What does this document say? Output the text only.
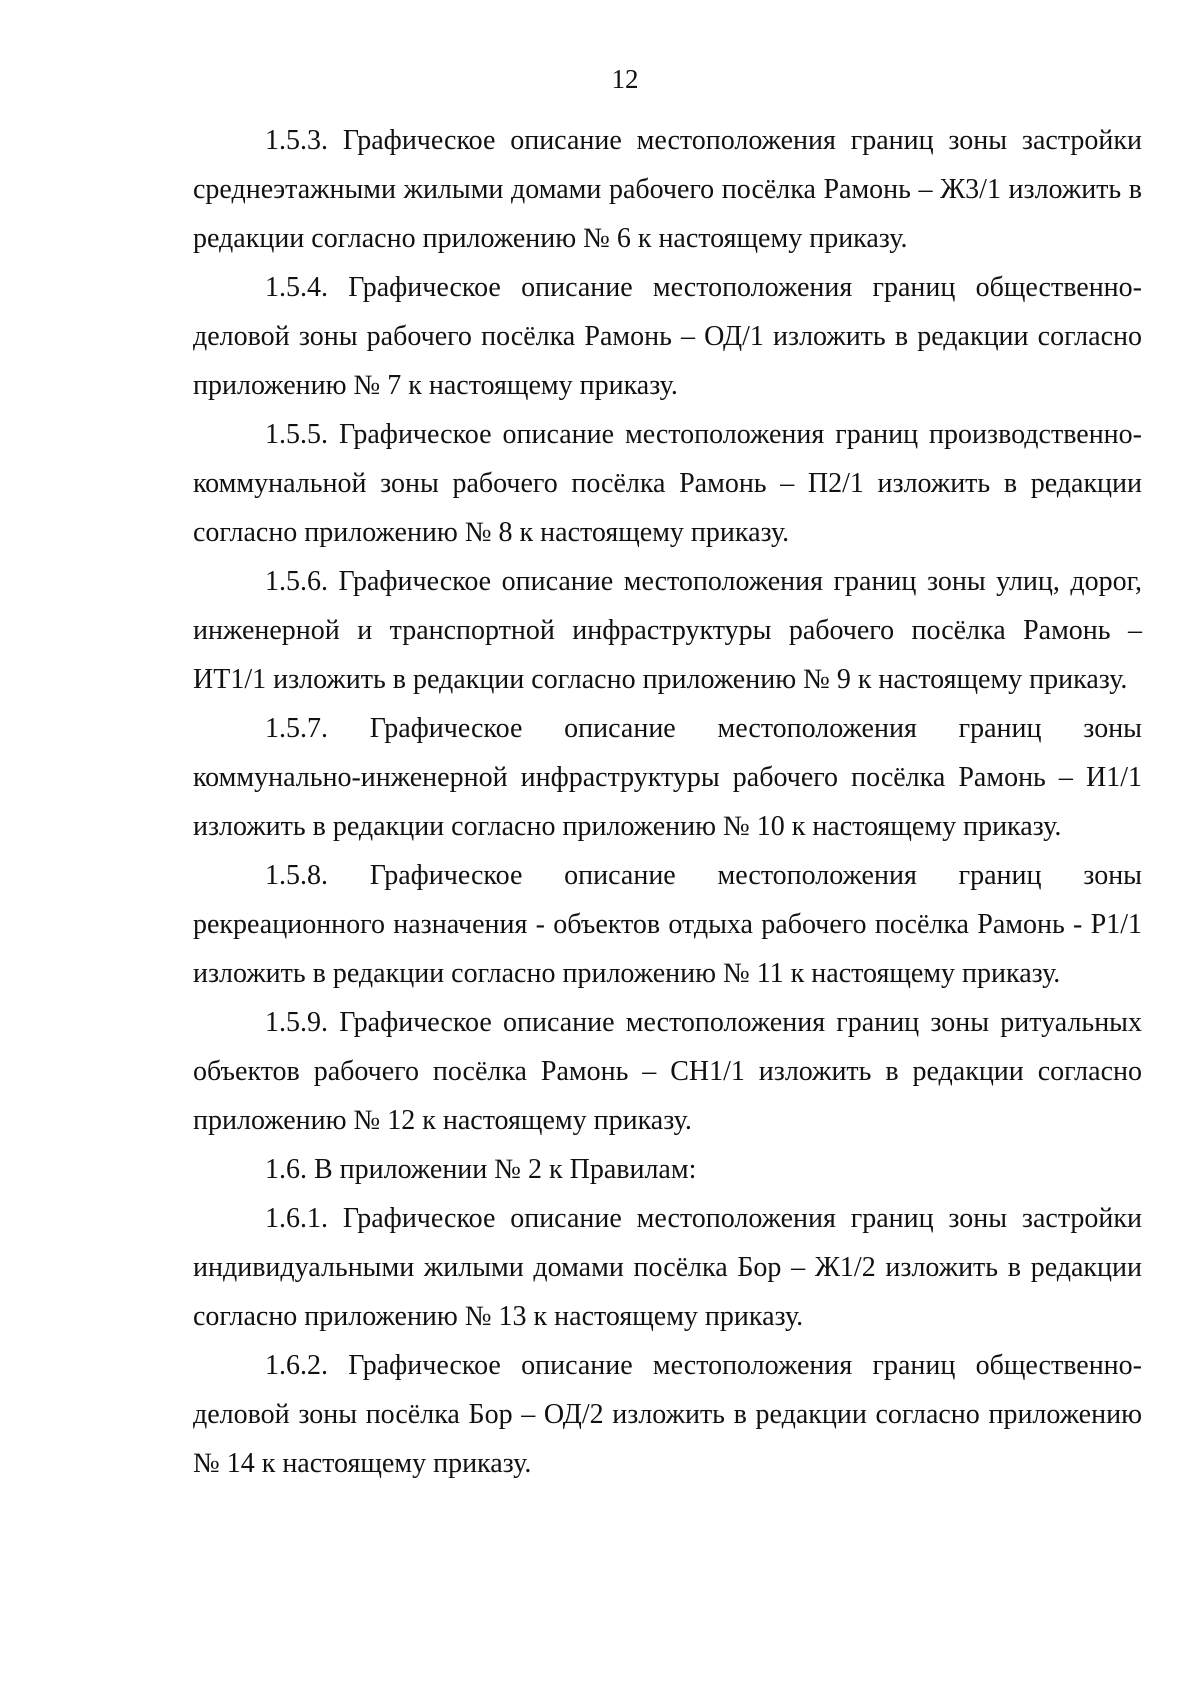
12

1.5.3. Графическое описание местоположения границ зоны застройки среднеэтажными жилыми домами рабочего посёлка Рамонь – Ж3/1 изложить в редакции согласно приложению № 6 к настоящему приказу.

1.5.4. Графическое описание местоположения границ общественно-деловой зоны рабочего посёлка Рамонь – ОД/1 изложить в редакции согласно приложению № 7 к настоящему приказу.

1.5.5. Графическое описание местоположения границ производственно-коммунальной зоны рабочего посёлка Рамонь – П2/1 изложить в редакции согласно приложению № 8 к настоящему приказу.

1.5.6. Графическое описание местоположения границ зоны улиц, дорог, инженерной и транспортной инфраструктуры рабочего посёлка Рамонь – ИТ1/1 изложить в редакции согласно приложению № 9 к настоящему приказу.

1.5.7. Графическое описание местоположения границ зоны коммунально-инженерной инфраструктуры рабочего посёлка Рамонь – И1/1 изложить в редакции согласно приложению № 10 к настоящему приказу.

1.5.8. Графическое описание местоположения границ зоны рекреационного назначения - объектов отдыха рабочего посёлка Рамонь - Р1/1 изложить в редакции согласно приложению № 11 к настоящему приказу.

1.5.9. Графическое описание местоположения границ зоны ритуальных объектов рабочего посёлка Рамонь – СН1/1 изложить в редакции согласно приложению № 12 к настоящему приказу.

1.6. В приложении № 2 к Правилам:

1.6.1. Графическое описание местоположения границ зоны застройки индивидуальными жилыми домами посёлка Бор – Ж1/2 изложить в редакции согласно приложению № 13 к настоящему приказу.

1.6.2. Графическое описание местоположения границ общественно-деловой зоны посёлка Бор – ОД/2 изложить в редакции согласно приложению № 14 к настоящему приказу.
